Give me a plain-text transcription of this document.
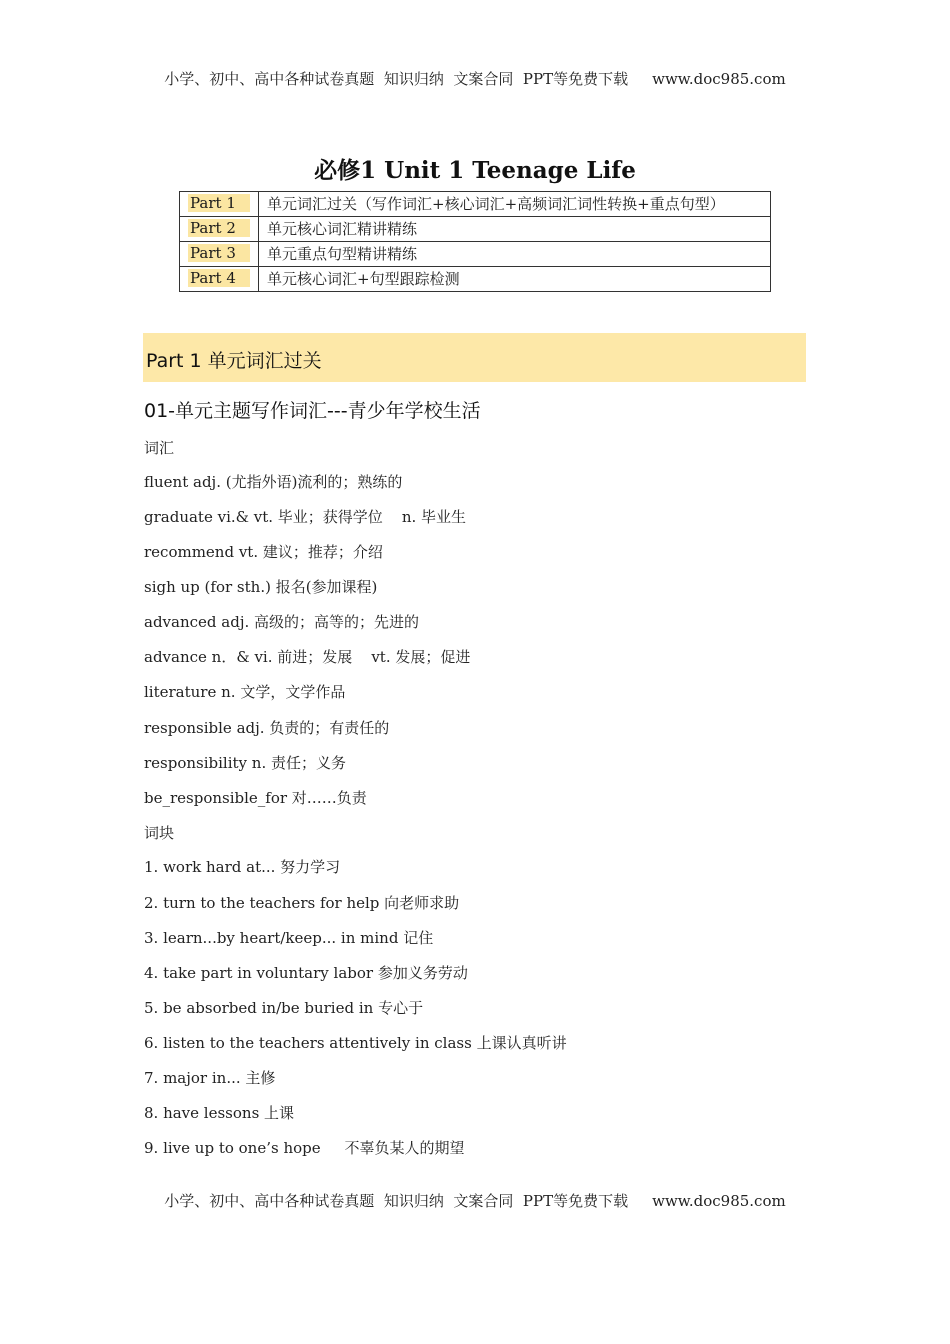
小学、初中、高中各种试卷真题  知识归纳  文案合同  PPT等免费下载 www.doc985.com
必修1 Unit 1 Teenage Life
Part 1	单元词汇过关（写作词汇+核心词汇+高频词汇词性转换+重点句型）
Part 2	单元核心词汇精讲精练
Part 3	单元重点句型精讲精练
Part 4	单元核心词汇+句型跟踪检测
Part 1 单元词汇过关
01-单元主题写作词汇---青少年学校生活
词汇
fluent adj. (尤指外语)流利的；熟练的
graduate vi.& vt. 毕业；获得学位    n. 毕业生
recommend vt. 建议；推荐；介绍
sigh up (for sth.) 报名(参加课程)
advanced adj. 高级的；高等的；先进的
advance n．& vi. 前进；发展    vt. 发展；促进
literature n. 文学，文学作品
responsible adj. 负责的；有责任的
responsibility n. 责任；义务
be_responsible_for 对……负责
词块
1. work hard at... 努力学习
2. turn to the teachers for help 向老师求助
3. learn...by heart/keep... in mind 记住
4. take part in voluntary labor 参加义务劳动
5. be absorbed in/be buried in 专心于
6. listen to the teachers attentively in class 上课认真听讲
7. major in... 主修
8. have lessons 上课
9. live up to one’s hope     不辜负某人的期望
小学、初中、高中各种试卷真题  知识归纳  文案合同  PPT等免费下载 www.doc985.com
